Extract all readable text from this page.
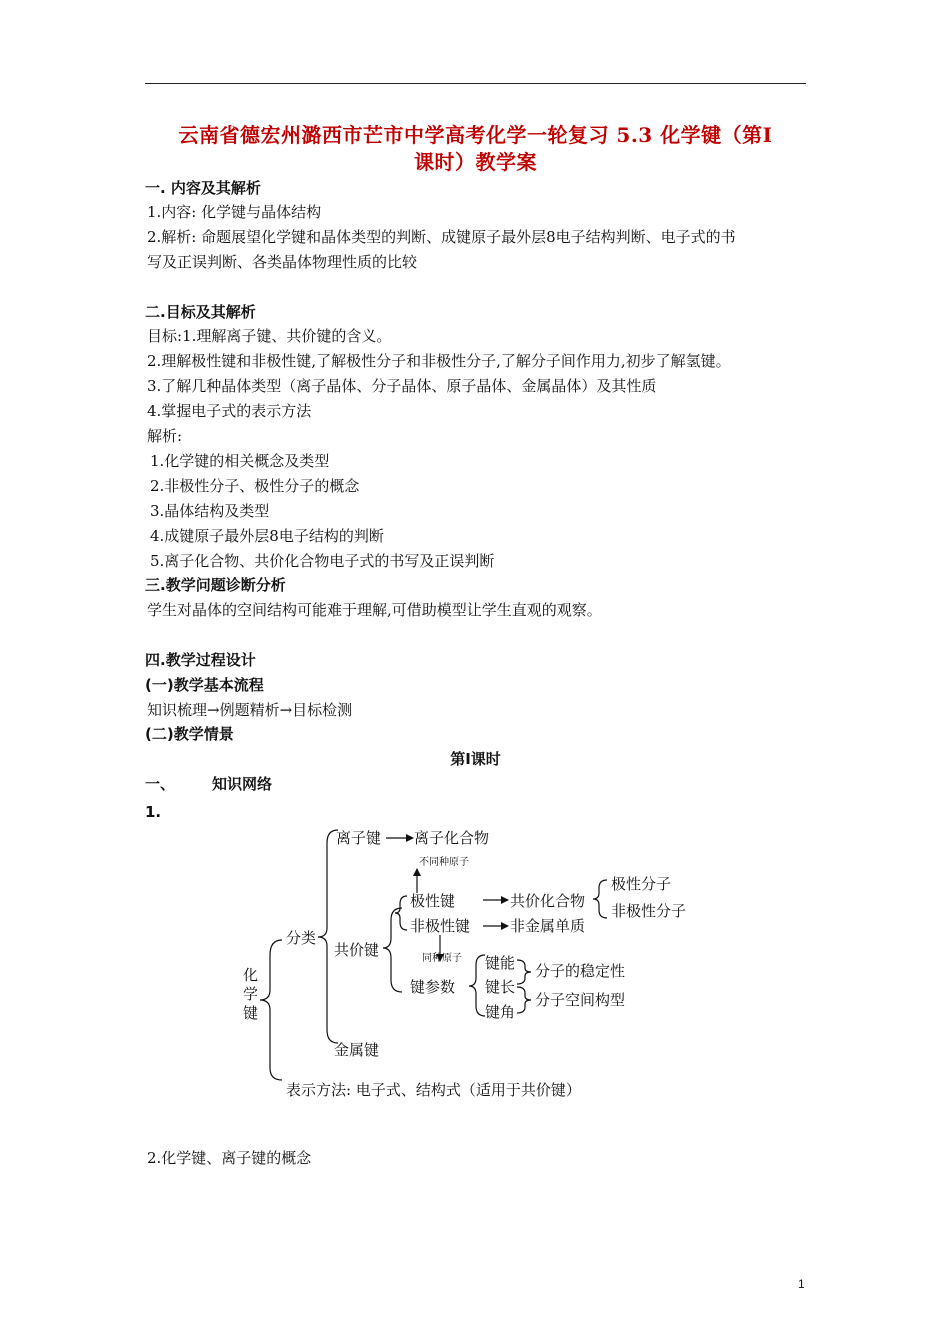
云南省德宏州潞西市芒市中学高考化学一轮复习 5.3 化学键（第Ⅰ
课时）教学案
一. 内容及其解析
1.内容: 化学键与晶体结构
2.解析: 命题展望化学键和晶体类型的判断、成键原子最外层8电子结构判断、电子式的书
写及正误判断、各类晶体物理性质的比较
二.目标及其解析
目标:1.理解离子键、共价键的含义。
2.理解极性键和非极性键,了解极性分子和非极性分子,了解分子间作用力,初步了解氢键。
3.了解几种晶体类型（离子晶体、分子晶体、原子晶体、金属晶体）及其性质
4.掌握电子式的表示方法
解析:
1.化学键的相关概念及类型
2.非极性分子、极性分子的概念
3.晶体结构及类型
4.成键原子最外层8电子结构的判断
5.离子化合物、共价化合物电子式的书写及正误判断
三.教学问题诊断分析
学生对晶体的空间结构可能难于理解,可借助模型让学生直观的观察。
四.教学过程设计
(一)教学基本流程
知识梳理→例题精析→目标检测
(二)教学情景
第Ⅰ课时
一、 知识网络
1.
化学键
分类
离子键 离子化合物
不同种原子
共价键
极性键	共价化合物
极性分子
非极性分子
非极性键	非金属单质
同种原子
键参数
键能
键长
键角
分子的稳定性
分子空间构型
金属键
表示方法: 电子式、结构式（适用于共价键）
2.化学键、离子键的概念
1
